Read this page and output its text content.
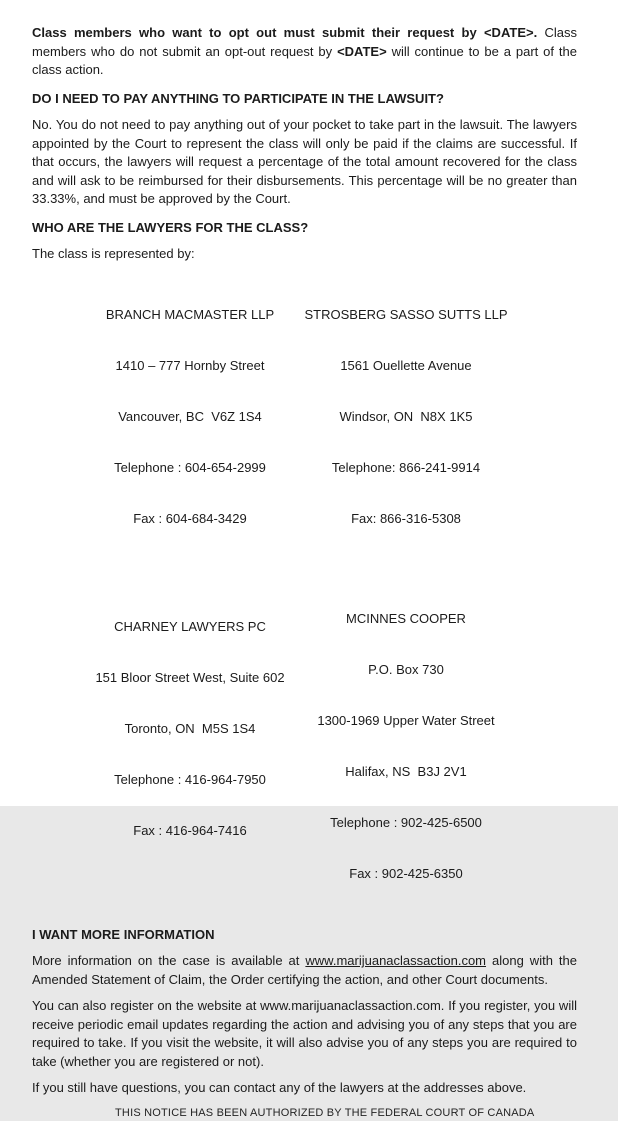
Class members who want to opt out must submit their request by <DATE>. Class members who do not submit an opt-out request by <DATE> will continue to be a part of the class action.

DO I NEED TO PAY ANYTHING TO PARTICIPATE IN THE LAWSUIT?

No. You do not need to pay anything out of your pocket to take part in the lawsuit. The lawyers appointed by the Court to represent the class will only be paid if the claims are successful. If that occurs, the lawyers will request a percentage of the total amount recovered for the class and will ask to be reimbursed for their disbursements. This percentage will be no greater than 33.33%, and must be approved by the Court.

WHO ARE THE LAWYERS FOR THE CLASS?

The class is represented by:

BRANCH MACMASTER LLP

1410 – 777 Hornby Street

Vancouver, BC  V6Z 1S4

Telephone : 604-654-2999

Fax : 604-684-3429

STROSBERG SASSO SUTTS LLP

1561 Ouellette Avenue

Windsor, ON  N8X 1K5

Telephone: 866-241-9914

Fax: 866-316-5308

CHARNEY LAWYERS PC

151 Bloor Street West, Suite 602

Toronto, ON  M5S 1S4

Telephone : 416-964-7950

Fax : 416-964-7416

MCINNES COOPER

P.O. Box 730

1300-1969 Upper Water Street

Halifax, NS  B3J 2V1

Telephone : 902-425-6500

Fax : 902-425-6350

I WANT MORE INFORMATION

More information on the case is available at www.marijuanaclassaction.com along with the Amended Statement of Claim, the Order certifying the action, and other Court documents.

You can also register on the website at www.marijuanaclassaction.com. If you register, you will receive periodic email updates regarding the action and advising you of any steps that you are required to take. If you visit the website, it will also advise you of any steps you are required to take (whether you are registered or not).

If you still have questions, you can contact any of the lawyers at the addresses above.

THIS NOTICE HAS BEEN AUTHORIZED BY THE FEDERAL COURT OF CANADA
